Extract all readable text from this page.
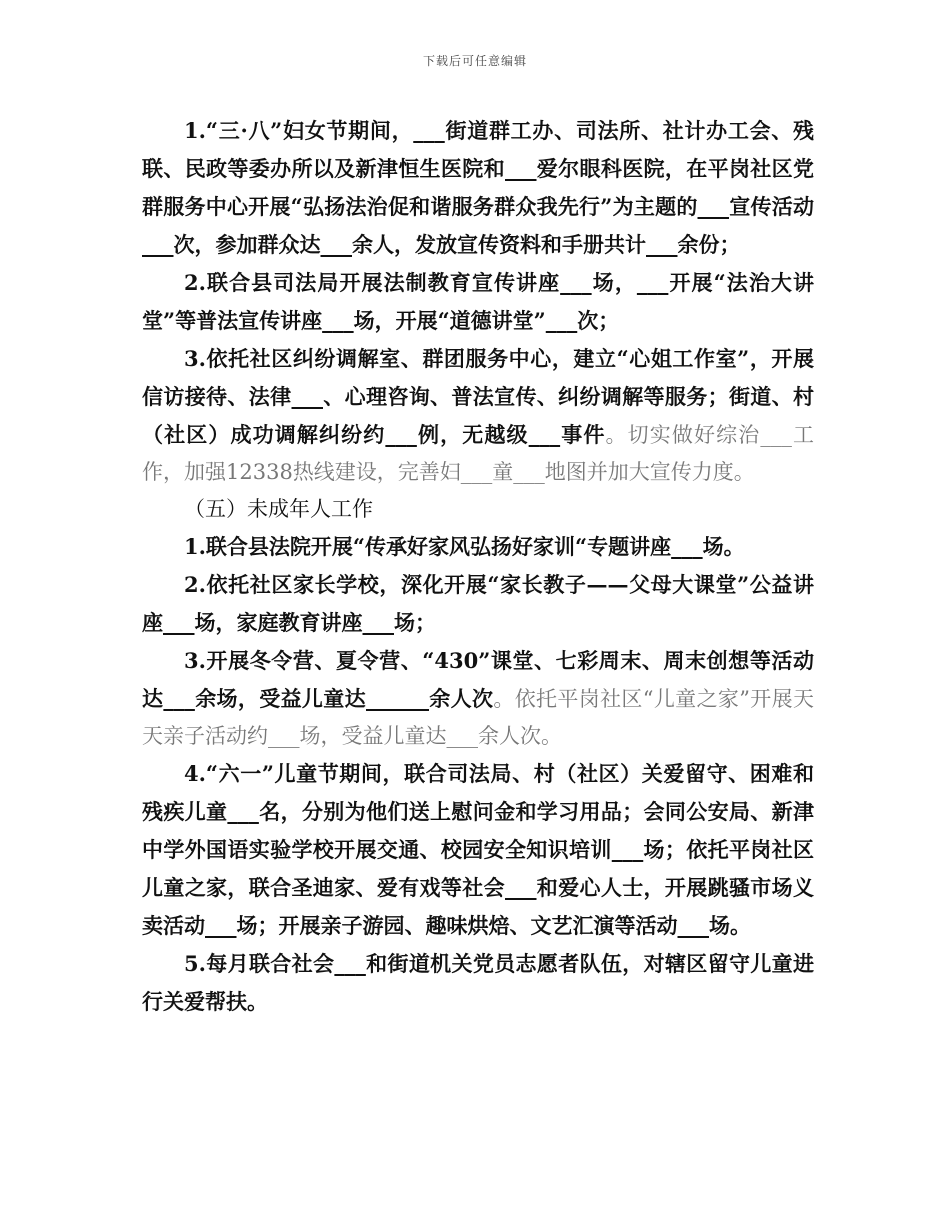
下载后可任意编辑

1.“三·八”妇女节期间，___街道群工办、司法所、社计办工会、残联、民政等委办所以及新津恒生医院和___爱尔眼科医院，在平岗社区党群服务中心开展“弘扬法治促和谐服务群众我先行”为主题的___宣传活动___次，参加群众达___余人，发放宣传资料和手册共计___余份；

2.联合县司法局开展法制教育宣传讲座___场，___开展“法治大讲堂”等普法宣传讲座___场，开展“道德讲堂”___次；

3.依托社区纠纷调解室、群团服务中心，建立“心姐工作室”，开展信访接待、法律___、心理咨询、普法宣传、纠纷调解等服务；街道、村（社区）成功调解纠纷约___例，无越级___事件。切实做好综治___工作，加强12338热线建设，完善妇___童___地图并加大宣传力度。

（五）未成年人工作

1.联合县法院开展“传承好家风弘扬好家训“专题讲座___场。

2.依托社区家长学校，深化开展“家长教子——父母大课堂”公益讲座___场，家庭教育讲座___场；

3.开展冬令营、夏令营、“430”课堂、七彩周末、周末创想等活动达___余场，受益儿童达______余人次。依托平岗社区“儿童之家”开展天天亲子活动约___场，受益儿童达___余人次。

4.“六一”儿童节期间，联合司法局、村（社区）关爱留守、困难和残疾儿童___名，分别为他们送上慰问金和学习用品；会同公安局、新津中学外国语实验学校开展交通、校园安全知识培训___场；依托平岗社区儿童之家，联合圣迪家、爱有戏等社会___和爱心人士，开展跳骚市场义卖活动___场；开展亲子游园、趣味烘焙、文艺汇演等活动___场。

5.每月联合社会___和街道机关党员志愿者队伍，对辖区留守儿童进行关爱帮扶。
